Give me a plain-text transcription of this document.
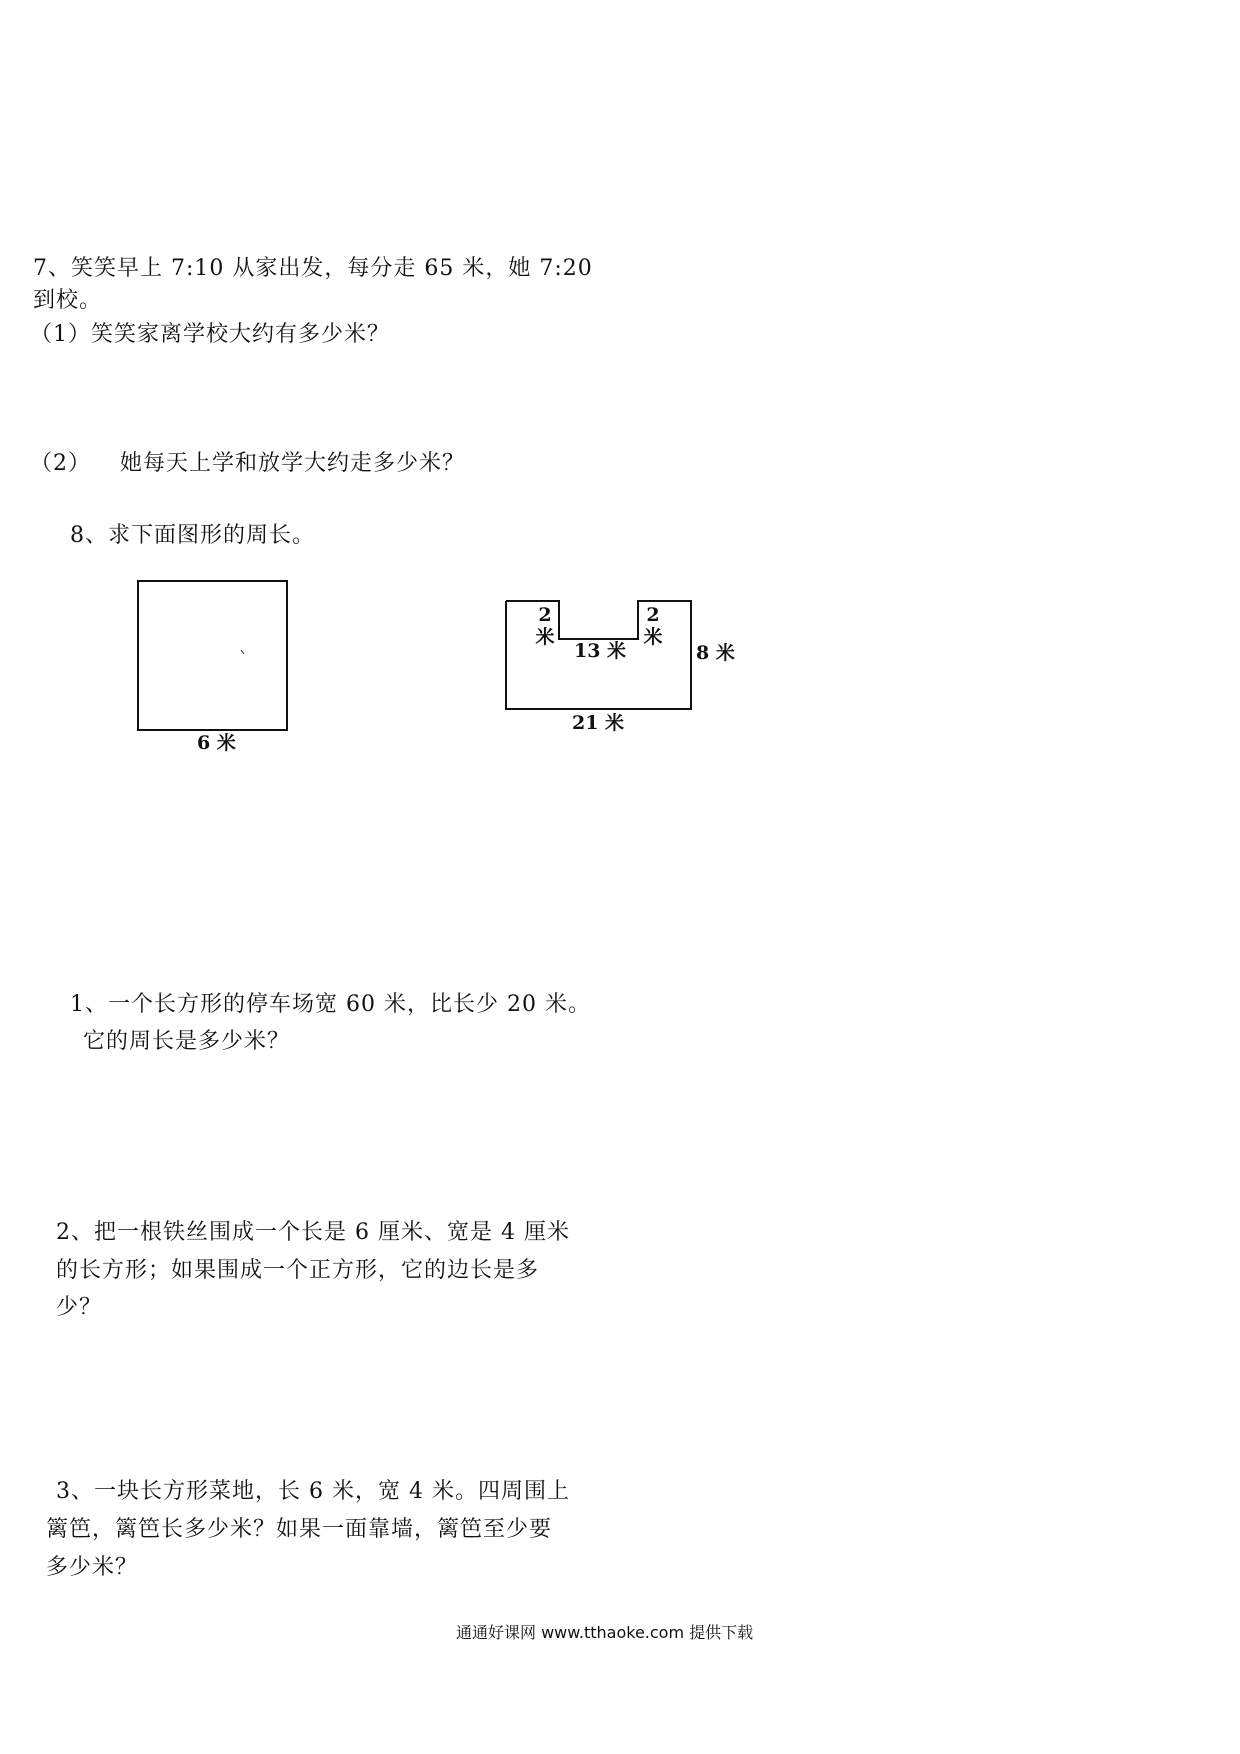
7、笑笑早上 7:10 从家出发，每分走 65 米，她 7:20
到校。
（1）笑笑家离学校大约有多少米？
（2） 她每天上学和放学大约走多少米？
8、求下面图形的周长。
6 米
2
米
2
米
13 米	8 米
21 米
1、一个长方形的停车场宽 60 米，比长少 20 米。
它的周长是多少米？
2、把一根铁丝围成一个长是 6 厘米、宽是 4 厘米
的长方形；如果围成一个正方形，它的边长是多
少？
3、一块长方形菜地，长 6 米，宽 4 米。四周围上
篱笆，篱笆长多少米？如果一面靠墙，篱笆至少要
多少米？
通通好课网 www.tthaoke.com 提供下载
